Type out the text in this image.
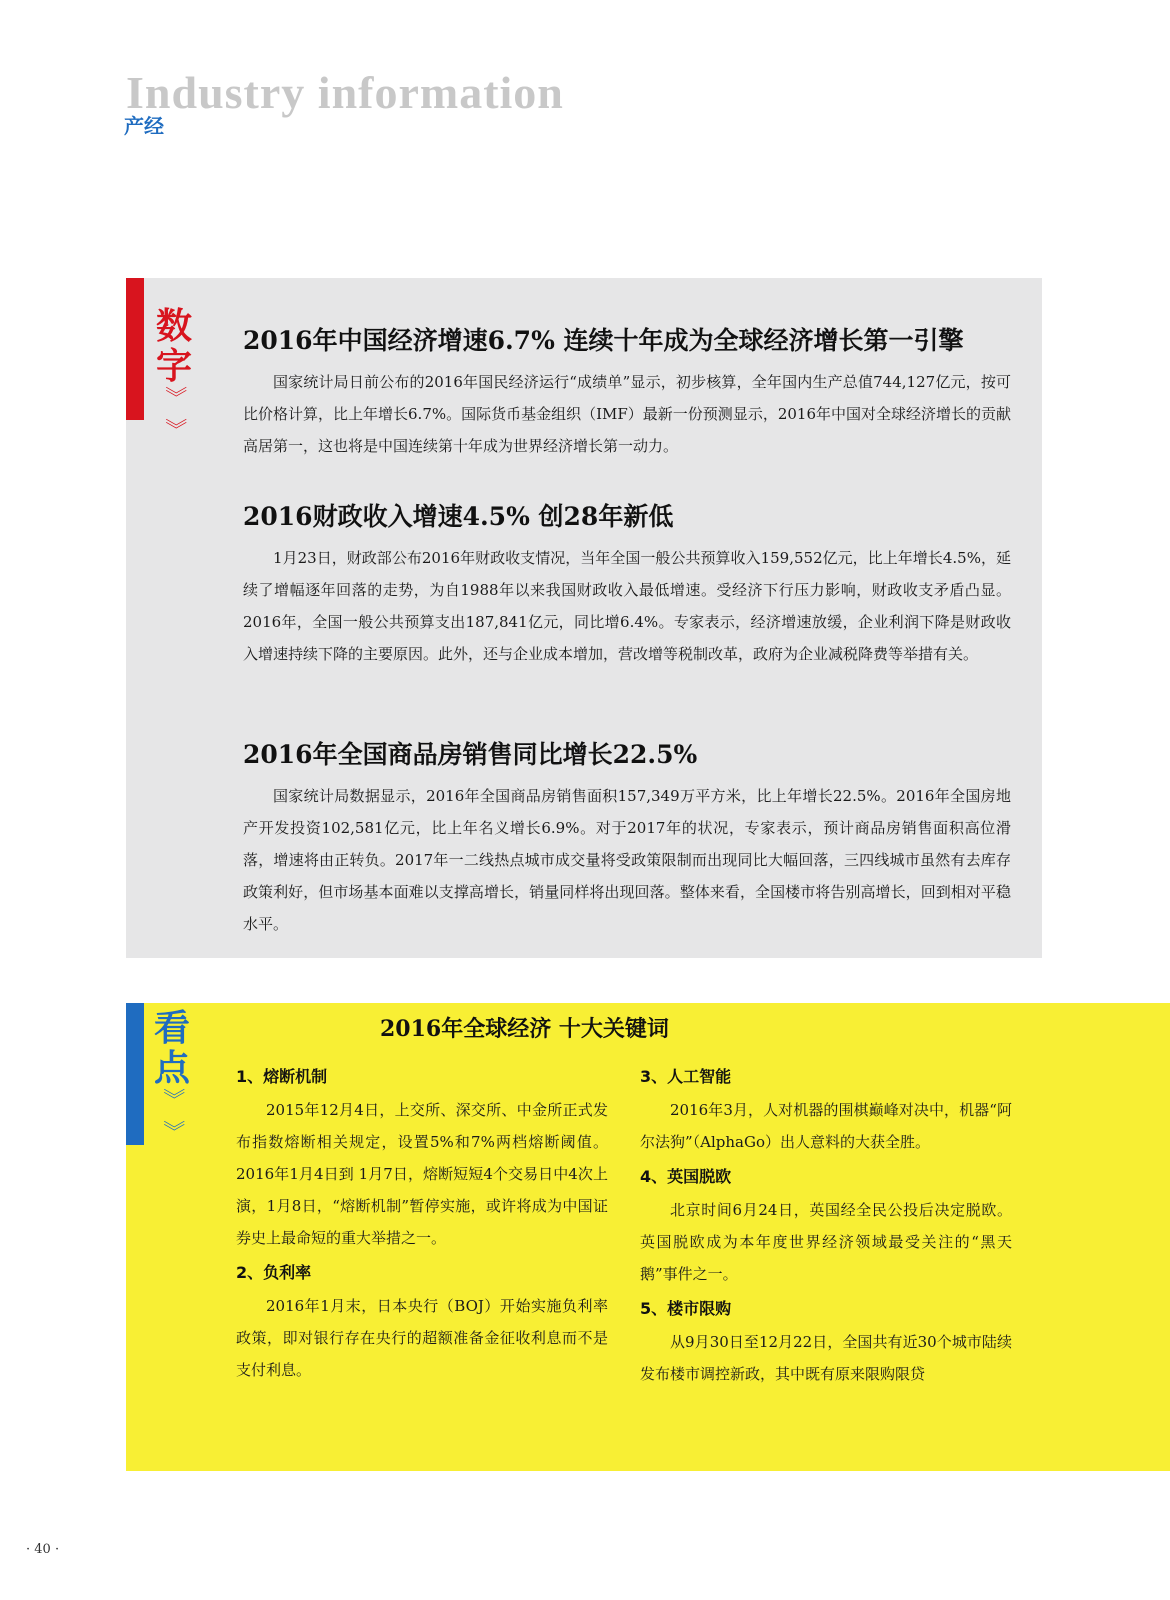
Industry information
产经
数
字
》
》
2016年中国经济增速6.7% 连续十年成为全球经济增长第一引擎

国家统计局日前公布的2016年国民经济运行“成绩单”显示，初步核算，全年国内生产总值744,127亿元，按可比价格计算，比上年增长6.7%。国际货币基金组织（IMF）最新一份预测显示，2016年中国对全球经济增长的贡献高居第一，这也将是中国连续第十年成为世界经济增长第一动力。

2016财政收入增速4.5% 创28年新低

1月23日，财政部公布2016年财政收支情况，当年全国一般公共预算收入159,552亿元，比上年增长4.5%，延续了增幅逐年回落的走势，为自1988年以来我国财政收入最低增速。受经济下行压力影响，财政收支矛盾凸显。2016年，全国一般公共预算支出187,841亿元，同比增6.4%。专家表示，经济增速放缓，企业利润下降是财政收入增速持续下降的主要原因。此外，还与企业成本增加，营改增等税制改革，政府为企业减税降费等举措有关。

2016年全国商品房销售同比增长22.5%

国家统计局数据显示，2016年全国商品房销售面积157,349万平方米，比上年增长22.5%。2016年全国房地产开发投资102,581亿元，比上年名义增长6.9%。对于2017年的状况，专家表示，预计商品房销售面积高位滑落，增速将由正转负。2017年一二线热点城市成交量将受政策限制而出现同比大幅回落，三四线城市虽然有去库存政策利好，但市场基本面难以支撑高增长，销量同样将出现回落。整体来看，全国楼市将告别高增长，回到相对平稳水平。

看
点
》
》
2016年全球经济 十大关键词
1、熔断机制

2015年12月4日，上交所、深交所、中金所正式发布指数熔断相关规定，设置5%和7%两档熔断阈值。2016年1月4日到 1月7日，熔断短短4个交易日中4次上演，1月8日，“熔断机制”暂停实施，或许将成为中国证券史上最命短的重大举措之一。

2、负利率

2016年1月末，日本央行（BOJ）开始实施负利率政策，即对银行存在央行的超额准备金征收利息而不是支付利息。

3、人工智能

2016年3月，人对机器的围棋巅峰对决中，机器“阿尔法狗”（AlphaGo）出人意料的大获全胜。

4、英国脱欧

北京时间6月24日，英国经全民公投后决定脱欧。英国脱欧成为本年度世界经济领域最受关注的“黑天鹅”事件之一。

5、楼市限购

从9月30日至12月22日，全国共有近30个城市陆续发布楼市调控新政，其中既有原来限购限贷

· 40 ·
